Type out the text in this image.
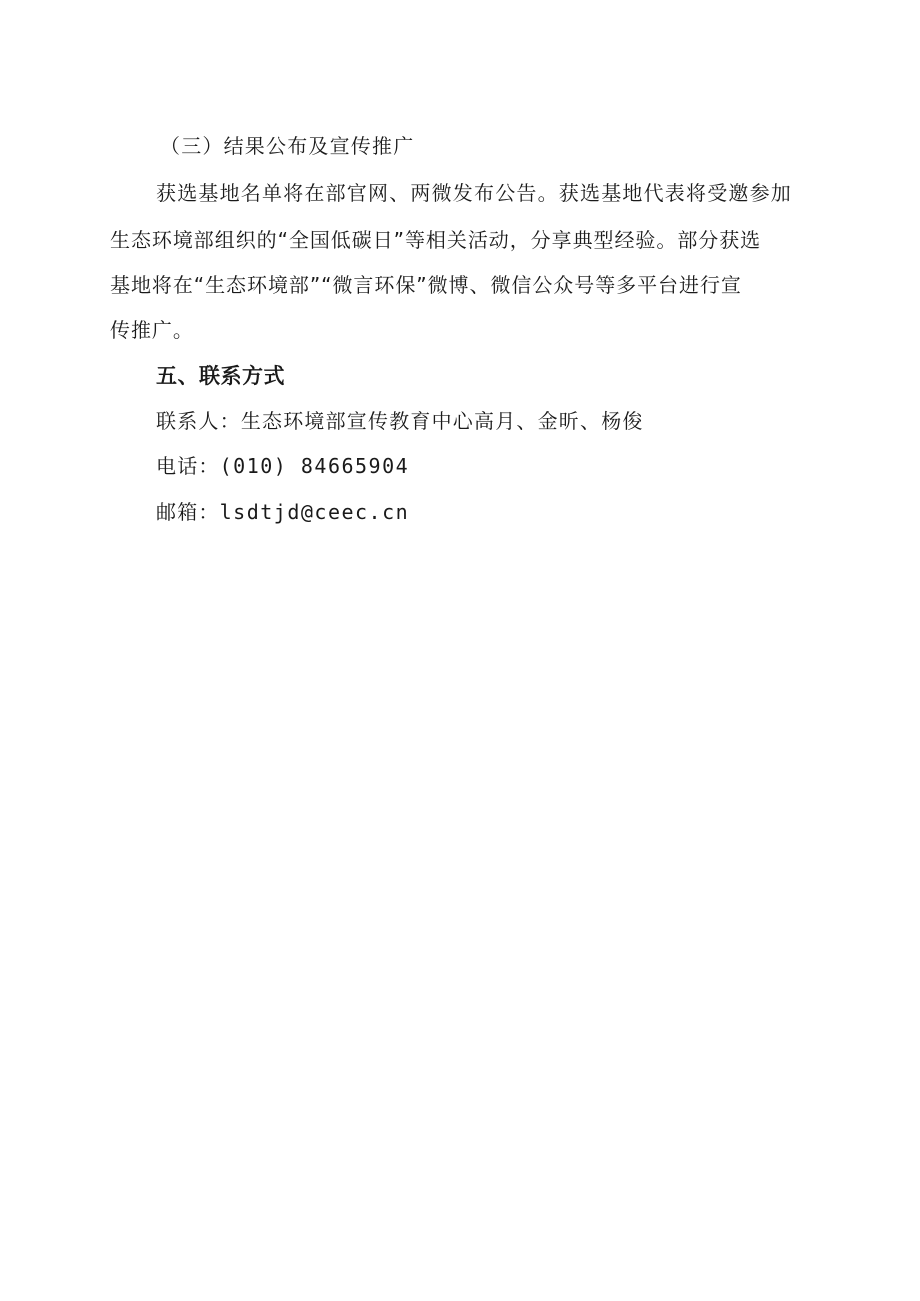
（三）结果公布及宣传推广
获选基地名单将在部官网、两微发布公告。获选基地代表将受邀参加
生态环境部组织的“全国低碳日”等相关活动，分享典型经验。部分获选
基地将在“生态环境部”“微言环保”微博、微信公众号等多平台进行宣
传推广。
五、联系方式
联系人：生态环境部宣传教育中心高月、金昕、杨俊
电话：(010) 84665904
邮箱：lsdtjd@ceec.cn
